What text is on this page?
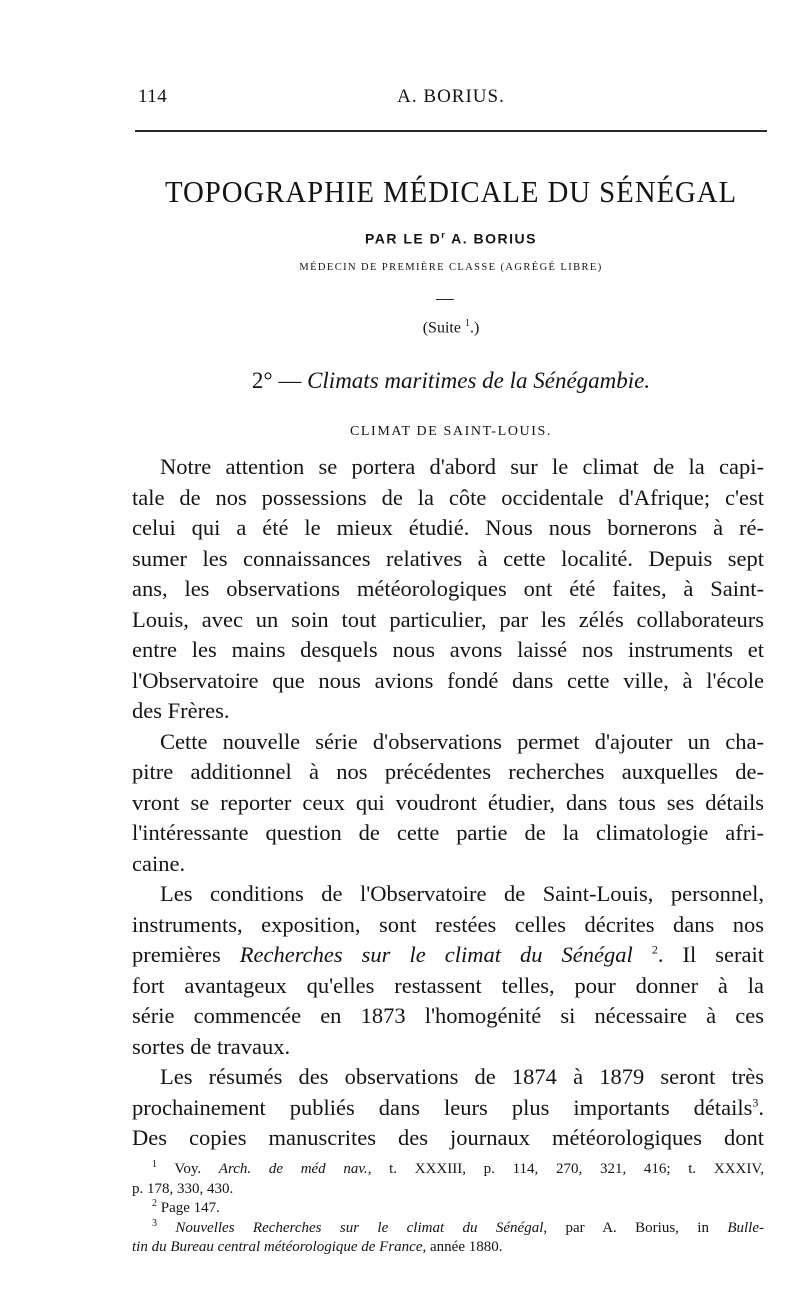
114	A. BORIUS.
TOPOGRAPHIE MÉDICALE DU SÉNÉGAL
PAR LE $D^r$ A. BORIUS
MÉDECIN DE PREMIÈRE CLASSE (AGRÉGÉ LIBRE)
(Suite $^1$.)
2° — Climats maritimes de la Sénégambie.
CLIMAT DE SAINT-LOUIS.
Notre attention se portera d'abord sur le climat de la capi-
tale de nos possessions de la côte occidentale d'Afrique; c'est
celui qui a été le mieux étudié. Nous nous bornerons à ré-
sumer les connaissances relatives à cette localité. Depuis sept
ans, les observations météorologiques ont été faites, à Saint-
Louis, avec un soin tout particulier, par les zélés collaborateurs
entre les mains desquels nous avons laissé nos instruments et
l'Observatoire que nous avions fondé dans cette ville, à l'école
des Frères.
Cette nouvelle série d'observations permet d'ajouter un cha-
pitre additionnel à nos précédentes recherches auxquelles de-
vront se reporter ceux qui voudront étudier, dans tous ses détails
l'intéressante question de cette partie de la climatologie afri-
caine.
Les conditions de l'Observatoire de Saint-Louis, personnel,
instruments, exposition, sont restées celles décrites dans nos
premières Recherches sur le climat du Sénégal $^2$. Il serait
fort avantageux qu'elles restassent telles, pour donner à la
série commencée en 1873 l'homogénité si nécessaire à ces
sortes de travaux.
Les résumés des observations de 1874 à 1879 seront très
prochainement publiés dans leurs plus importants détails$^3$.
Des copies manuscrites des journaux météorologiques dont
$^1$ Voy. Arch. de méd nav., t. XXXIII, p. 114, 270, 321, 416; t. XXXIV,
p. 178, 330, 430.
$^2$ Page 147.
$^3$ Nouvelles Recherches sur le climat du Sénégal, par A. Borius, in Bulle-
tin du Bureau central météorologique de France, année 1880.
